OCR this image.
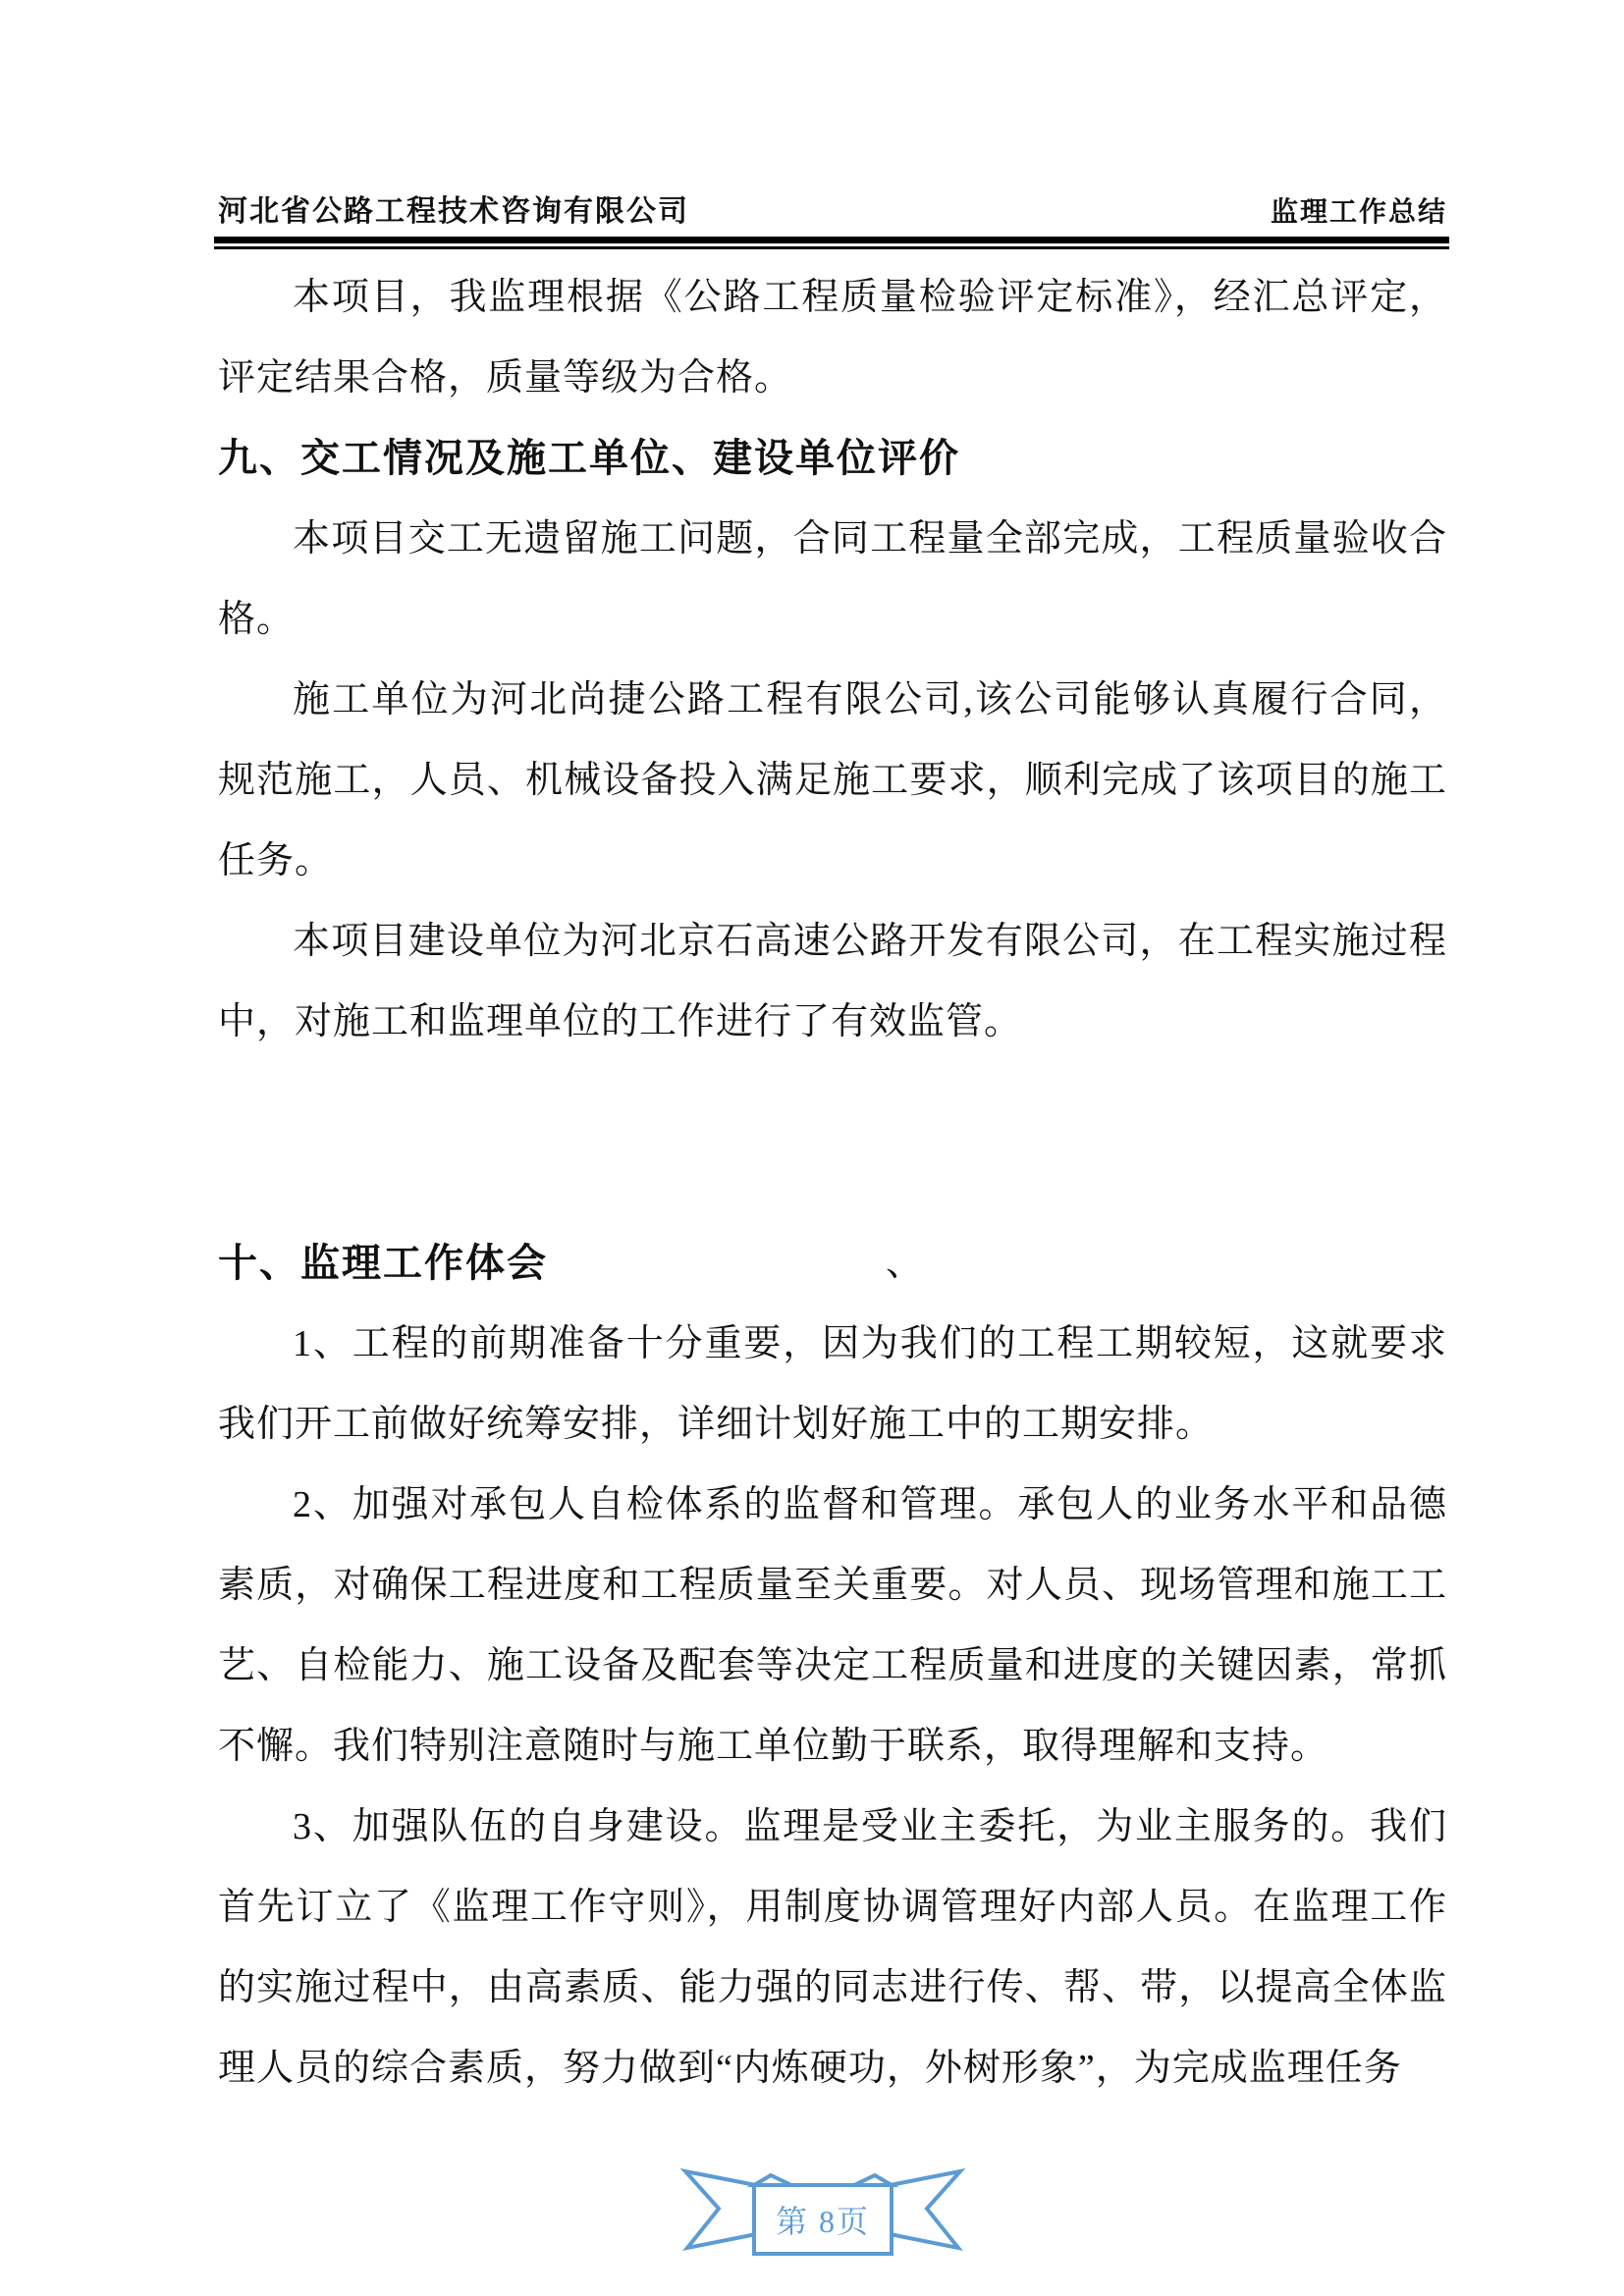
河北省公路工程技术咨询有限公司	监理工作总结

本项目，我监理根据《公路工程质量检验评定标准》，经汇总评定，评定结果合格，质量等级为合格。

九、交工情况及施工单位、建设单位评价

本项目交工无遗留施工问题，合同工程量全部完成，工程质量验收合格。

施工单位为河北尚捷公路工程有限公司,该公司能够认真履行合同，规范施工，人员、机械设备投入满足施工要求，顺利完成了该项目的施工任务。

本项目建设单位为河北京石高速公路开发有限公司，在工程实施过程中，对施工和监理单位的工作进行了有效监管。

十、监理工作体会	、

1、工程的前期准备十分重要，因为我们的工程工期较短，这就要求我们开工前做好统筹安排，详细计划好施工中的工期安排。

2、加强对承包人自检体系的监督和管理。承包人的业务水平和品德素质，对确保工程进度和工程质量至关重要。对人员、现场管理和施工工艺、自检能力、施工设备及配套等决定工程质量和进度的关键因素，常抓不懈。我们特别注意随时与施工单位勤于联系，取得理解和支持。

3、加强队伍的自身建设。监理是受业主委托，为业主服务的。我们首先订立了《监理工作守则》，用制度协调管理好内部人员。在监理工作的实施过程中，由高素质、能力强的同志进行传、帮、带，以提高全体监理人员的综合素质，努力做到“内炼硬功，外树形象”，为完成监理任务

第 8页
